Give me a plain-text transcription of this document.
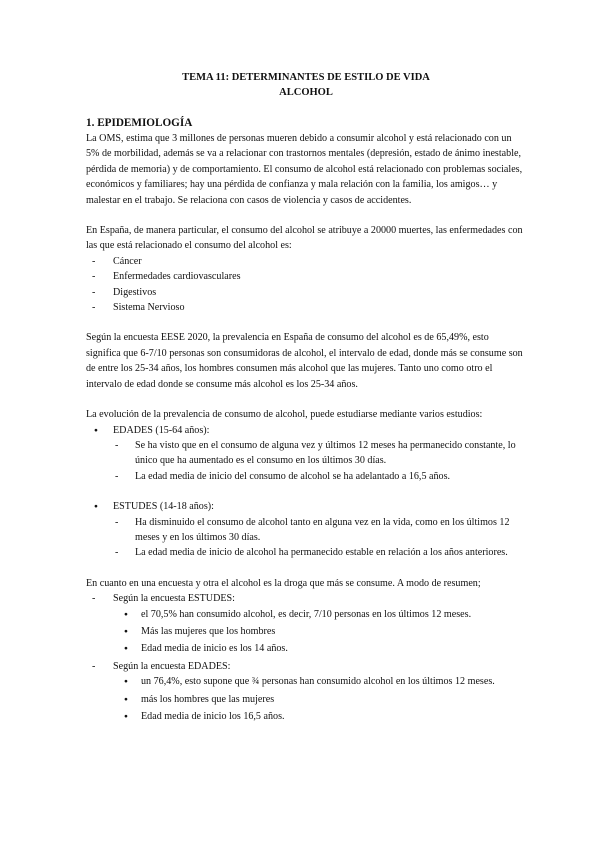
TEMA 11: DETERMINANTES DE ESTILO DE VIDA

ALCOHOL

1. EPIDEMIOLOGÍA

La OMS, estima que 3 millones de personas mueren debido a consumir alcohol y está relacionado con un 5% de morbilidad, además se va a relacionar con trastornos mentales (depresión, estado de ánimo inestable, pérdida de memoria) y de comportamiento. El consumo de alcohol está relacionado con problemas sociales, económicos y familiares; hay una pérdida de confianza y mala relación con la familia, los amigos… y malestar en el trabajo. Se relaciona con casos de violencia y casos de accidentes.

En España, de manera particular, el consumo del alcohol se atribuye a 20000 muertes, las enfermedades con las que está relacionado el consumo del alcohol es:

- Cáncer
- Enfermedades cardiovasculares
- Digestivos
- Sistema Nervioso

Según la encuesta EESE 2020, la prevalencia en España de consumo del alcohol es de 65,49%, esto significa que 6-7/10 personas son consumidoras de alcohol, el intervalo de edad, donde más se consume son de entre los 25-34 años, los hombres consumen más alcohol que las mujeres. Tanto uno como otro el intervalo de edad donde se consume más alcohol es los 25-34 años.

La evolución de la prevalencia de consumo de alcohol, puede estudiarse mediante varios estudios:

● EDADES (15-64 años):
- Se ha visto que en el consumo de alguna vez y últimos 12 meses ha permanecido constante, lo único que ha aumentado es el consumo en los últimos 30 días.
- La edad media de inicio del consumo de alcohol se ha adelantado a 16,5 años.
● ESTUDES (14-18 años):
- Ha disminuido el consumo de alcohol tanto en alguna vez en la vida, como en los últimos 12 meses y en los últimos 30 días.
- La edad media de inicio de alcohol ha permanecido estable en relación a los años anteriores.

En cuanto en una encuesta y otra el alcohol es la droga que más se consume. A modo de resumen;

- Según la encuesta ESTUDES:
● el 70,5% han consumido alcohol, es decir, 7/10 personas en los últimos 12 meses.
● Más las mujeres que los hombres
● Edad media de inicio es los 14 años.
- Según la encuesta EDADES:
● un 76,4%, esto supone que ¾ personas han consumido alcohol en los últimos 12 meses.
● más los hombres que las mujeres
● Edad media de inicio los 16,5 años.
